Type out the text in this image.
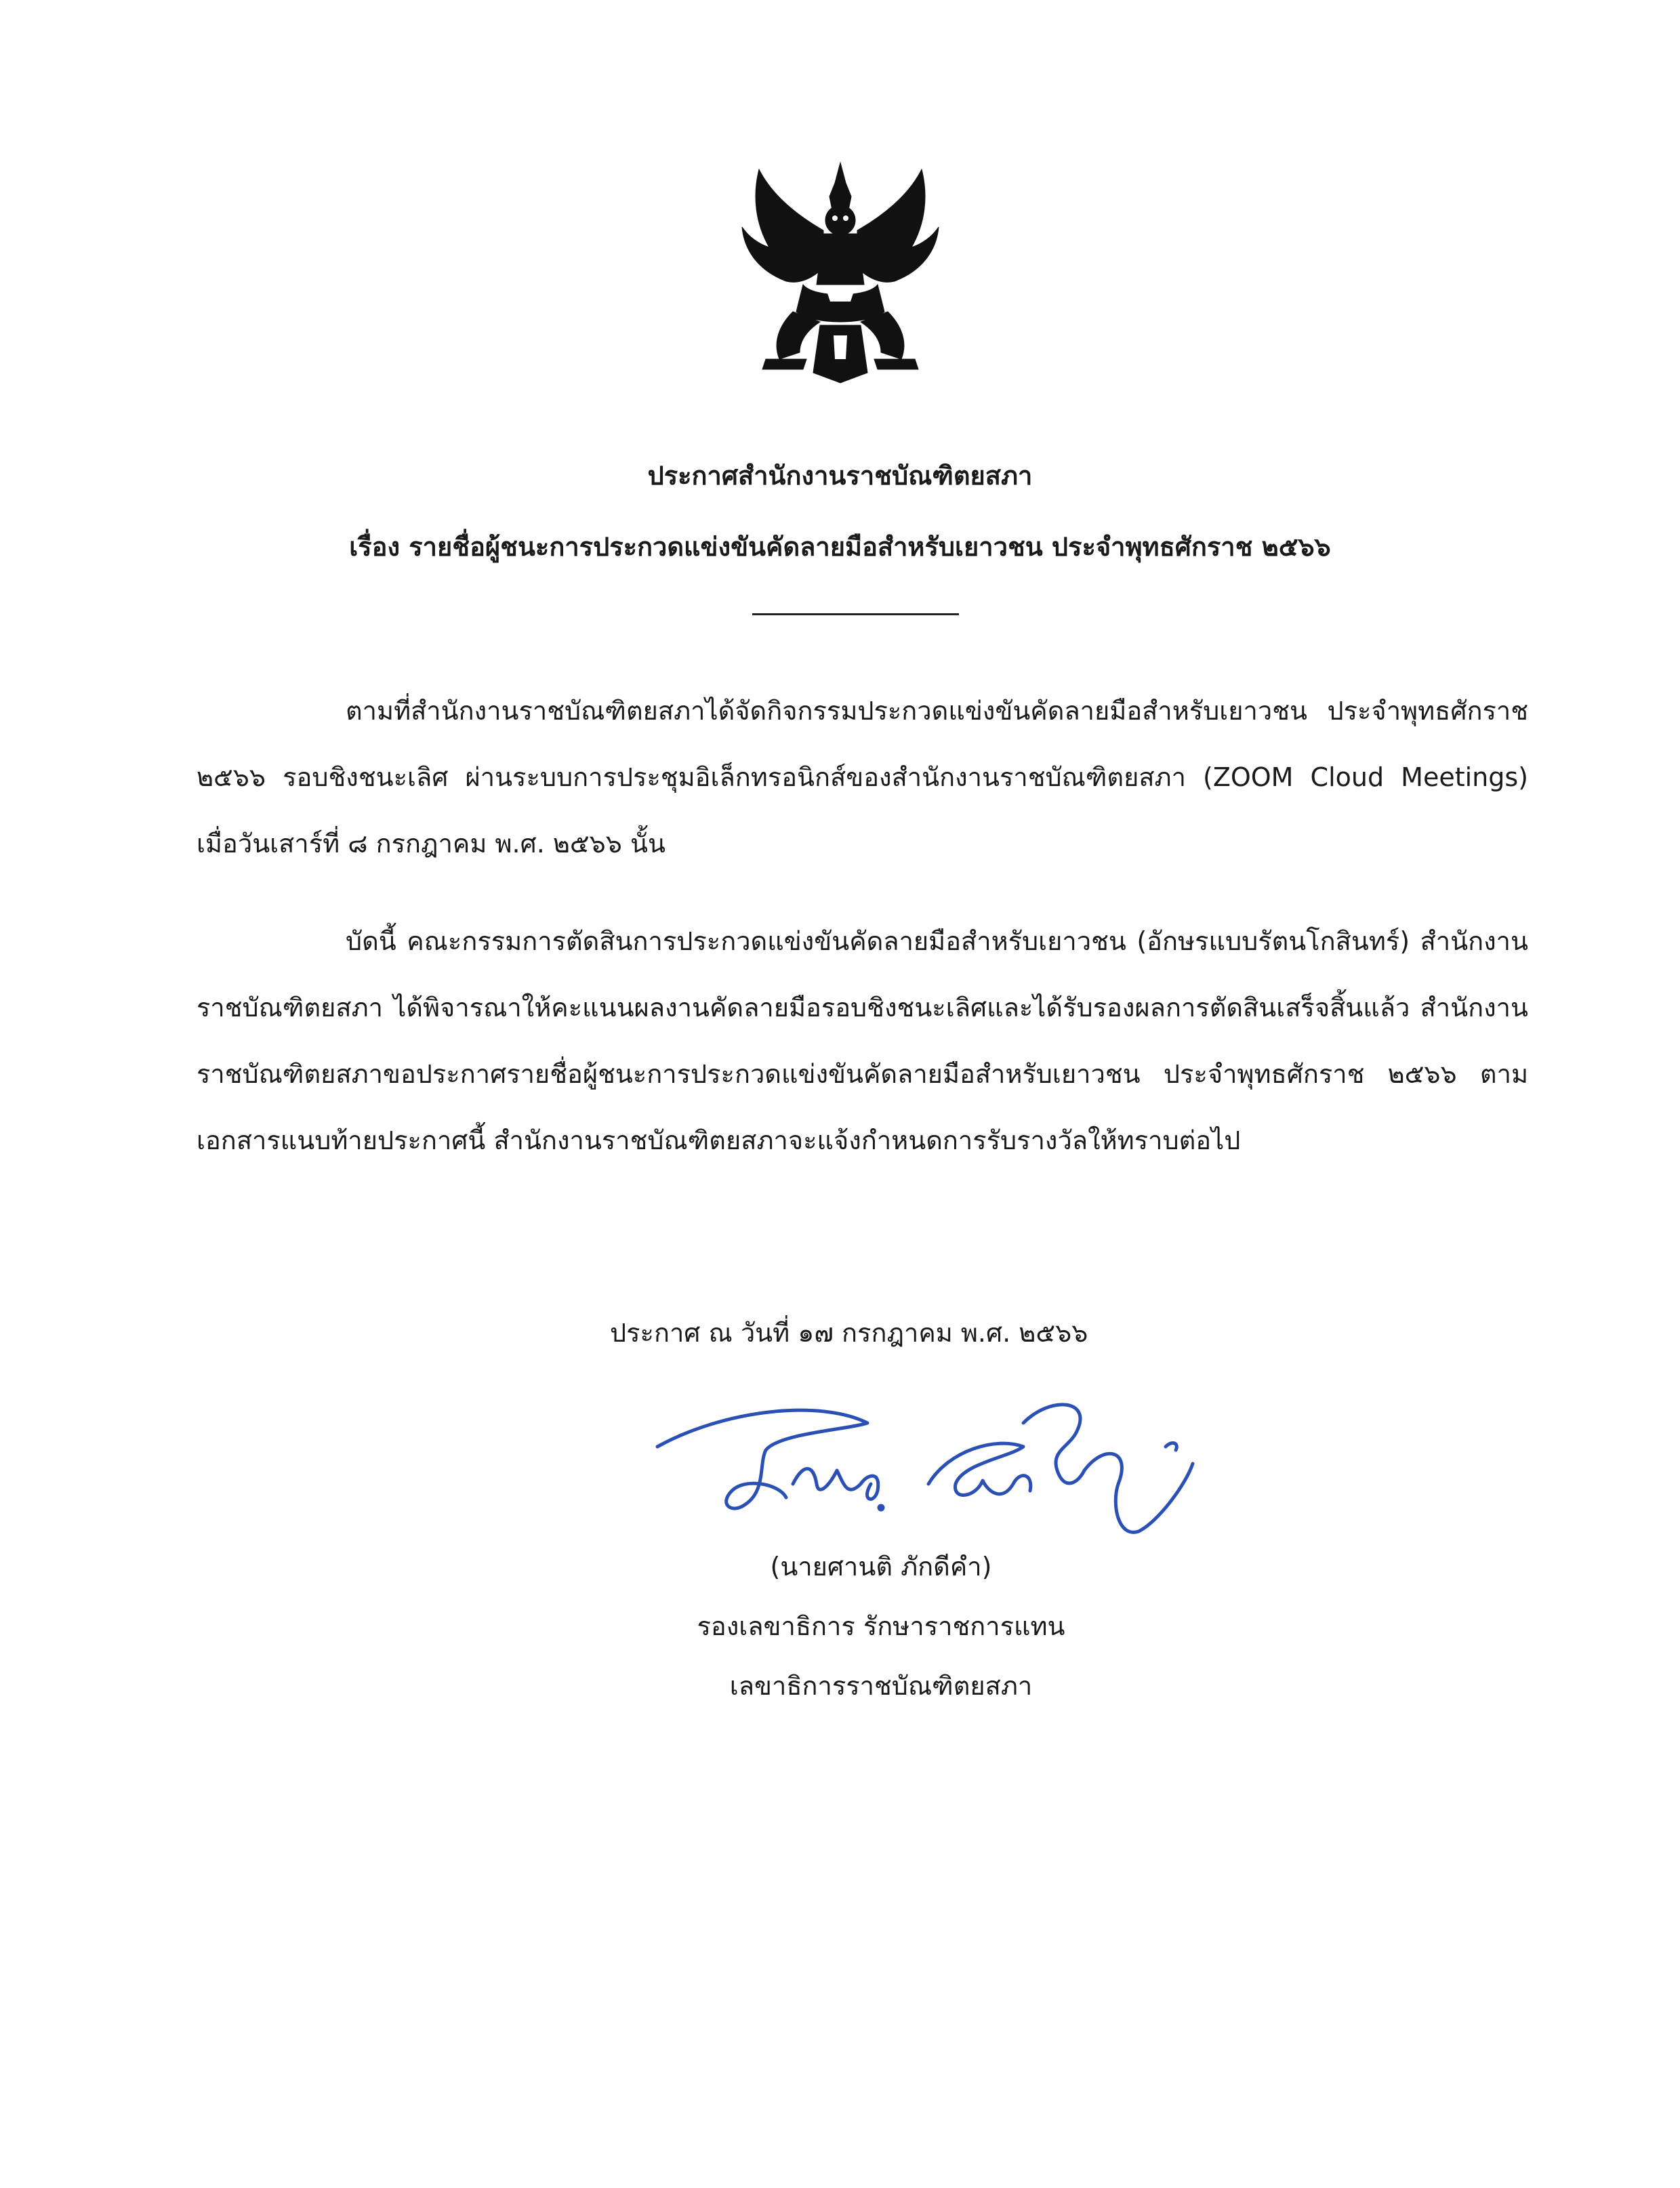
ประกาศสำนักงานราชบัณฑิตยสภา
เรื่อง รายชื่อผู้ชนะการประกวดแข่งขันคัดลายมือสำหรับเยาวชน ประจำพุทธศักราช ๒๕๖๖

ตามที่สำนักงานราชบัณฑิตยสภาได้จัดกิจกรรมประกวดแข่งขันคัดลายมือสำหรับเยาวชน ประจำพุทธศักราช ๒๕๖๖ รอบชิงชนะเลิศ ผ่านระบบการประชุมอิเล็กทรอนิกส์ของสำนักงานราชบัณฑิตยสภา (ZOOM Cloud Meetings) เมื่อวันเสาร์ที่ ๘ กรกฎาคม พ.ศ. ๒๕๖๖ นั้น

บัดนี้ คณะกรรมการตัดสินการประกวดแข่งขันคัดลายมือสำหรับเยาวชน (อักษรแบบรัตนโกสินทร์) สำนักงานราชบัณฑิตยสภา ได้พิจารณาให้คะแนนผลงานคัดลายมือรอบชิงชนะเลิศและได้รับรองผลการตัดสินเสร็จสิ้นแล้ว สำนักงานราชบัณฑิตยสภาขอประกาศรายชื่อผู้ชนะการประกวดแข่งขันคัดลายมือสำหรับเยาวชน ประจำพุทธศักราช ๒๕๖๖ ตามเอกสารแนบท้ายประกาศนี้ สำนักงานราชบัณฑิตยสภาจะแจ้งกำหนดการรับรางวัลให้ทราบต่อไป

ประกาศ ณ วันที่ ๑๗ กรกฎาคม พ.ศ. ๒๕๖๖
(นายศานติ ภักดีคำ)
รองเลขาธิการ รักษาราชการแทน
เลขาธิการราชบัณฑิตยสภา
